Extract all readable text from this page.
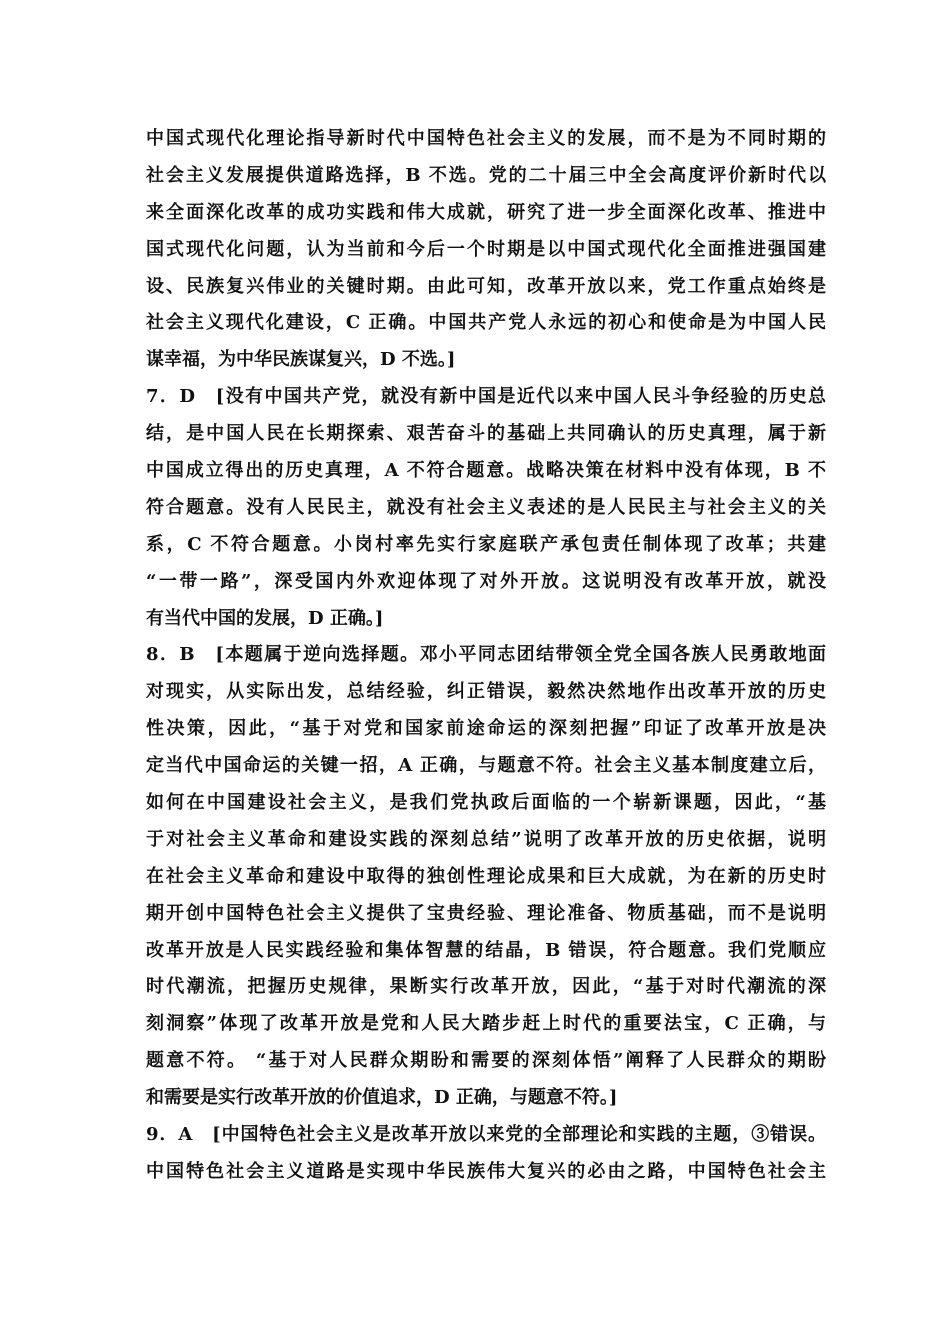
中国式现代化理论指导新时代中国特色社会主义的发展，而不是为不同时期的
社会主义发展提供道路选择，B 不选。党的二十届三中全会高度评价新时代以
来全面深化改革的成功实践和伟大成就，研究了进一步全面深化改革、推进中
国式现代化问题，认为当前和今后一个时期是以中国式现代化全面推进强国建
设、民族复兴伟业的关键时期。由此可知，改革开放以来，党工作重点始终是
社会主义现代化建设，C 正确。中国共产党人永远的初心和使命是为中国人民
谋幸福，为中华民族谋复兴，D 不选。]
7．D　[没有中国共产党，就没有新中国是近代以来中国人民斗争经验的历史总
结，是中国人民在长期探索、艰苦奋斗的基础上共同确认的历史真理，属于新
中国成立得出的历史真理，A 不符合题意。战略决策在材料中没有体现，B 不
符合题意。没有人民民主，就没有社会主义表述的是人民民主与社会主义的关
系，C 不符合题意。小岗村率先实行家庭联产承包责任制体现了改革；共建
“一带一路”，深受国内外欢迎体现了对外开放。这说明没有改革开放，就没
有当代中国的发展，D 正确。]
8．B　[本题属于逆向选择题。邓小平同志团结带领全党全国各族人民勇敢地面
对现实，从实际出发，总结经验，纠正错误，毅然决然地作出改革开放的历史
性决策，因此，“基于对党和国家前途命运的深刻把握”印证了改革开放是决
定当代中国命运的关键一招，A 正确，与题意不符。社会主义基本制度建立后，
如何在中国建设社会主义，是我们党执政后面临的一个崭新课题，因此，“基
于对社会主义革命和建设实践的深刻总结”说明了改革开放的历史依据，说明
在社会主义革命和建设中取得的独创性理论成果和巨大成就，为在新的历史时
期开创中国特色社会主义提供了宝贵经验、理论准备、物质基础，而不是说明
改革开放是人民实践经验和集体智慧的结晶，B 错误，符合题意。我们党顺应
时代潮流，把握历史规律，果断实行改革开放，因此，“基于对时代潮流的深
刻洞察”体现了改革开放是党和人民大踏步赶上时代的重要法宝，C 正确，与
题意不符。 “基于对人民群众期盼和需要的深刻体悟”阐释了人民群众的期盼
和需要是实行改革开放的价值追求，D 正确，与题意不符。]
9．A　[中国特色社会主义是改革开放以来党的全部理论和实践的主题，③错误。
中国特色社会主义道路是实现中华民族伟大复兴的必由之路，中国特色社会主
